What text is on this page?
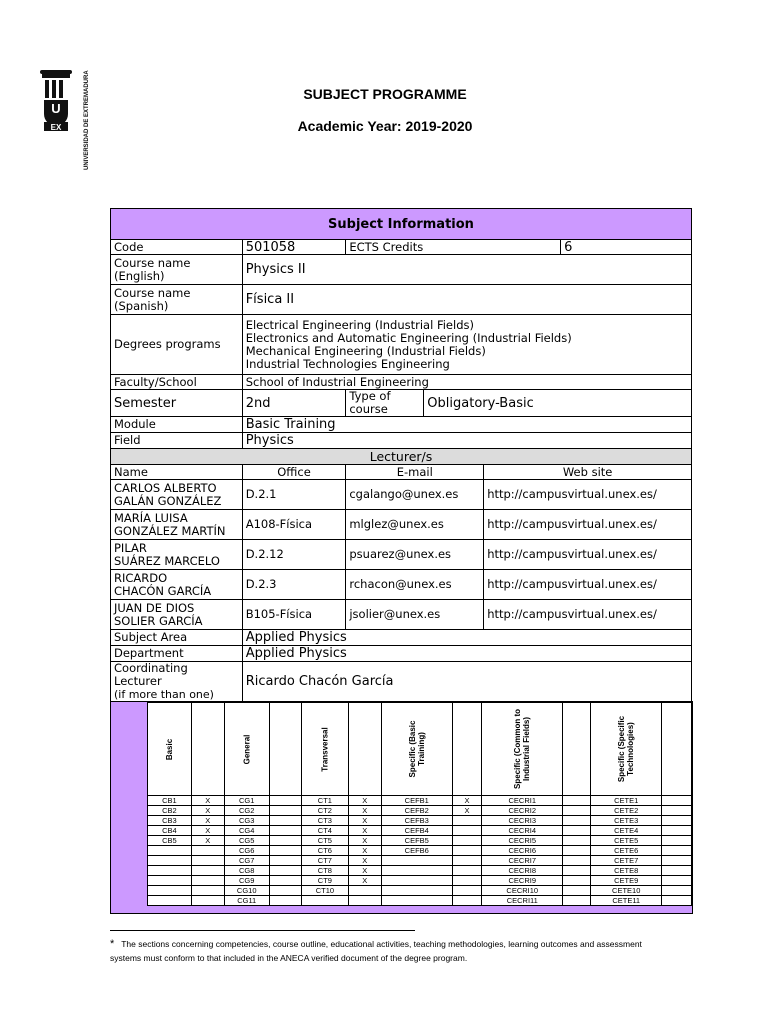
U
EX	UNIVERSIDAD DE EXTREMADURA	SUBJECT PROGRAMME
Academic Year: 2019-2020
Subject Information					
Code	501058	ECTS Credits			6
Course name (English)	Physics II				
Course name (Spanish)	Física II				
Degrees programs	Electrical Engineering (Industrial Fields)
Electronics and Automatic Engineering (Industrial Fields)
Mechanical Engineering (Industrial Fields)
Industrial Technologies Engineering				

Faculty/School	School of Industrial Engineering				
Semester	2nd	Type of course	Obligatory-Basic		
Module	Basic Training				
Field	Physics				
Lecturer/s					
Name	Office	E-mail		Web site	

CARLOS ALBERTO
GALÁN GONZÁLEZ	D.2.1	cgalango@unex.es		http://campusvirtual.unex.es/	

MARÍA LUISA
GONZÁLEZ MARTÍN	A108-Física	mlglez@unex.es		http://campusvirtual.unex.es/	

PILAR
SUÁREZ MARCELO	D.2.12	psuarez@unex.es		http://campusvirtual.unex.es/	

RICARDO
CHACÓN GARCÍA	D.2.3	rchacon@unex.es		http://campusvirtual.unex.es/	

JUAN DE DIOS
SOLIER GARCÍA	B105-Física	jsolier@unex.es		http://campusvirtual.unex.es/	
Subject Area	Applied Physics				
Department	Applied Physics				

Coordinating Lecturer
(if more than one)	Ricardo Chacón García				

Basic		General		Transversal		Specific (Basic Training)		Specific (Common to Industrial Fields)		Specific (Specific Technologies)	
CB1	X	CG1		CT1	X	CEFB1	X	CECRI1		CETE1	
CB2	X	CG2		CT2	X	CEFB2	X	CECRI2		CETE2	
CB3	X	CG3		CT3	X	CEFB3		CECRI3		CETE3	
CB4	X	CG4		CT4	X	CEFB4		CECRI4		CETE4	
CB5	X	CG5		CT5	X	CEFB5		CECRI5		CETE5	
		CG6		CT6	X	CEFB6		CECRI6		CETE6	
		CG7		CT7	X			CECRI7		CETE7	
		CG8		CT8	X			CECRI8		CETE8	
		CG9		CT9	X			CECRI9		CETE9	
		CG10		CT10				CECRI10		CETE10	
		CG11						CECRI11		CETE11	
* The sections concerning competencies, course outline, educational activities, teaching methodologies, learning outcomes and assessment systems must conform to that included in the ANECA verified document of the degree program.
